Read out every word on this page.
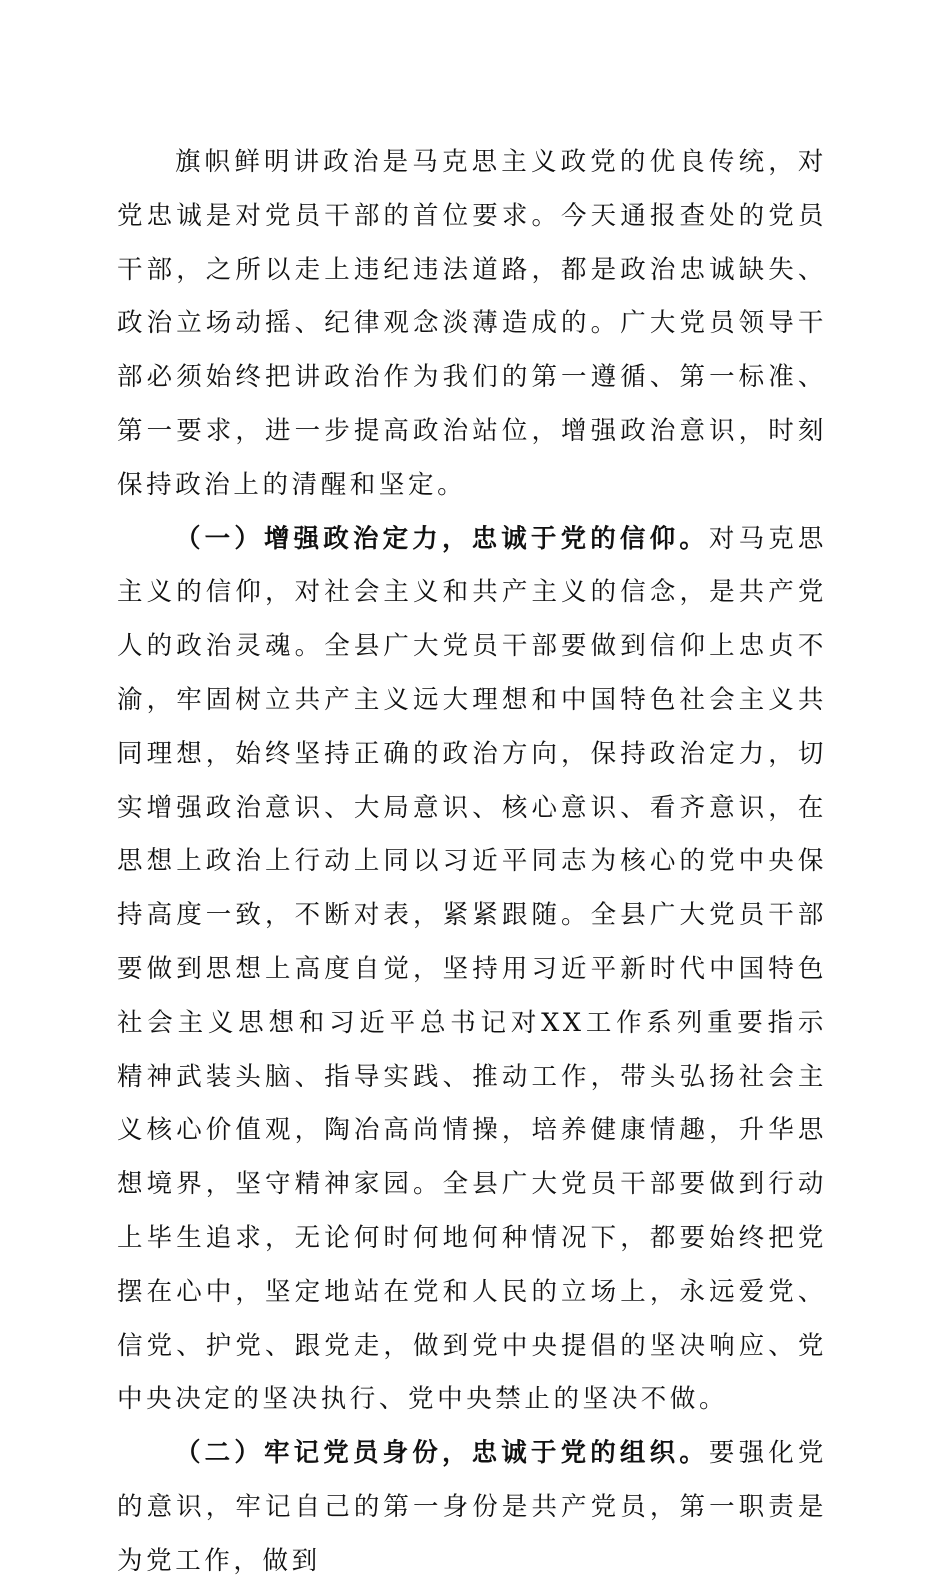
旗帜鲜明讲政治是马克思主义政党的优良传统，对党忠诚是对党员干部的首位要求。今天通报查处的党员干部，之所以走上违纪违法道路，都是政治忠诚缺失、政治立场动摇、纪律观念淡薄造成的。广大党员领导干部必须始终把讲政治作为我们的第一遵循、第一标准、第一要求，进一步提高政治站位，增强政治意识，时刻保持政治上的清醒和坚定。

（一）增强政治定力，忠诚于党的信仰。对马克思主义的信仰，对社会主义和共产主义的信念，是共产党人的政治灵魂。全县广大党员干部要做到信仰上忠贞不渝，牢固树立共产主义远大理想和中国特色社会主义共同理想，始终坚持正确的政治方向，保持政治定力，切实增强政治意识、大局意识、核心意识、看齐意识，在思想上政治上行动上同以习近平同志为核心的党中央保持高度一致，不断对表，紧紧跟随。全县广大党员干部要做到思想上高度自觉，坚持用习近平新时代中国特色社会主义思想和习近平总书记对XX工作系列重要指示精神武装头脑、指导实践、推动工作，带头弘扬社会主义核心价值观，陶冶高尚情操，培养健康情趣，升华思想境界，坚守精神家园。全县广大党员干部要做到行动上毕生追求，无论何时何地何种情况下，都要始终把党摆在心中，坚定地站在党和人民的立场上，永远爱党、信党、护党、跟党走，做到党中央提倡的坚决响应、党中央决定的坚决执行、党中央禁止的坚决不做。

（二）牢记党员身份，忠诚于党的组织。要强化党的意识，牢记自己的第一身份是共产党员，第一职责是为党工作，做到
